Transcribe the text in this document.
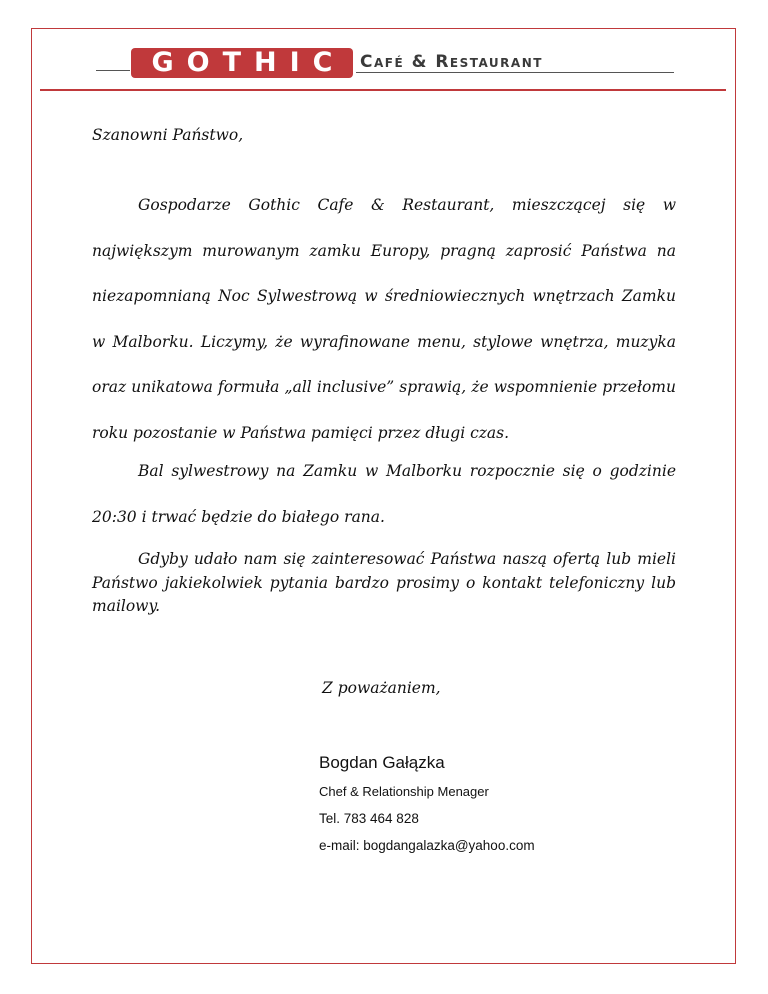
GOTHIC Café & Restaurant
Szanowni Państwo,

Gospodarze Gothic Cafe & Restaurant, mieszczącej się w największym murowanym zamku Europy, pragną zaprosić Państwa na niezapomnianą Noc Sylwestrową w średniowiecznych wnętrzach Zamku w Malborku. Liczymy, że wyrafinowane menu, stylowe wnętrza, muzyka oraz unikatowa formuła „all inclusive” sprawią, że wspomnienie przełomu roku pozostanie w Państwa pamięci przez długi czas.

Bal sylwestrowy na Zamku w Malborku rozpocznie się o godzinie 20:30 i trwać będzie do białego rana.

Gdyby udało nam się zainteresować Państwa naszą ofertą lub mieli Państwo jakiekolwiek pytania bardzo prosimy o kontakt telefoniczny lub mailowy.

Z poważaniem,
Bogdan Gałązka
Chef & Relationship Menager
Tel. 783 464 828
e-mail: bogdangalazka@yahoo.com
